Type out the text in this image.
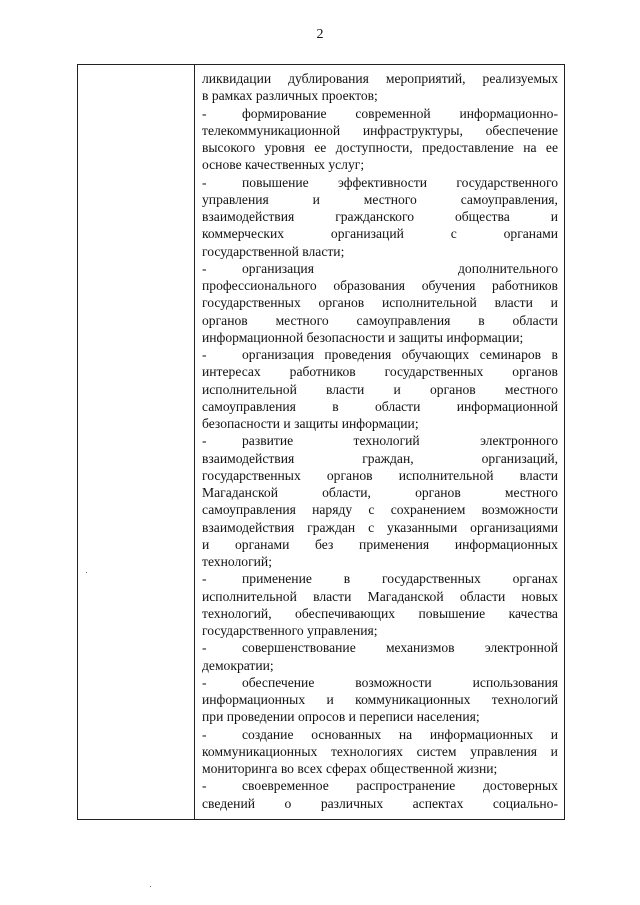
2
ликвидации дублирования мероприятий, реализуемых
в рамках различных проектов;
-	формирование современной информационно-
телекоммуникационной инфраструктуры, обеспечение
высокого уровня ее доступности, предоставление на ее
основе качественных услуг;
-	повышение эффективности государственного
управления	и	местного	самоуправления,
взаимодействия	гражданского	общества	и
коммерческих	организаций	с	органами
государственной власти;
-	организация	дополнительного
профессионального образования обучения работников
государственных органов исполнительной власти и
органов местного самоуправления в области
информационной безопасности и защиты информации;
-	организация проведения обучающих семинаров в
интересах работников государственных органов
исполнительной власти и органов местного
самоуправления	в	области	информационной
безопасности и защиты информации;
-	развитие	технологий	электронного
взаимодействия	граждан,	организаций,
государственных органов исполнительной власти
Магаданской	области,	органов	местного
самоуправления наряду с сохранением возможности
взаимодействия граждан с указанными организациями
и органами без применения информационных
технологий;
-	применение в государственных органах
исполнительной власти Магаданской области новых
технологий, обеспечивающих повышение качества
государственного управления;
-	совершенствование механизмов электронной
демократии;
-	обеспечение	возможности	использования
информационных и коммуникационных технологий
при проведении опросов и переписи населения;
-	создание основанных на информационных и
коммуникационных технологиях систем управления и
мониторинга во всех сферах общественной жизни;
-	своевременное распространение достоверных
сведений о различных аспектах социально-
